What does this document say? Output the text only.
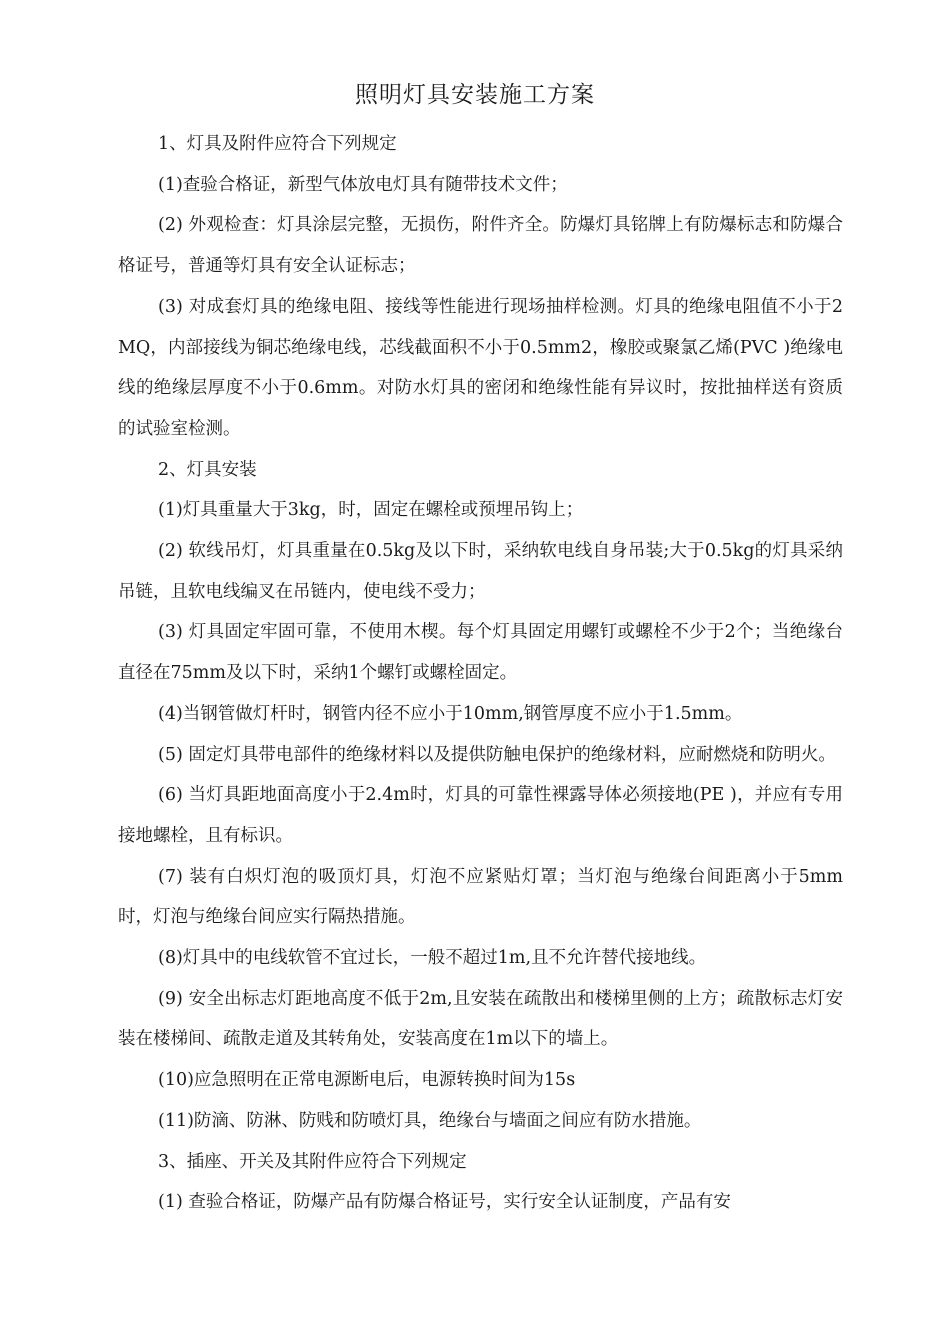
照明灯具安装施工方案

1、灯具及附件应符合下列规定

(1)查验合格证，新型气体放电灯具有随带技术文件；

(2) 外观检查：灯具涂层完整，无损伤，附件齐全。防爆灯具铭牌上有防爆标志和防爆合格证号，普通等灯具有安全认证标志；

(3) 对成套灯具的绝缘电阻、接线等性能进行现场抽样检测。灯具的绝缘电阻值不小于2MQ，内部接线为铜芯绝缘电线，芯线截面积不小于0.5mm2，橡胶或聚氯乙烯(PVC )绝缘电线的绝缘层厚度不小于0.6mm。对防水灯具的密闭和绝缘性能有异议时，按批抽样送有资质的试验室检测。

2、灯具安装

(1)灯具重量大于3kg，时，固定在螺栓或预埋吊钩上；

(2) 软线吊灯，灯具重量在0.5kg及以下时，采纳软电线自身吊装;大于0.5kg的灯具采纳吊链，且软电线编叉在吊链内，使电线不受力；

(3) 灯具固定牢固可靠，不使用木楔。每个灯具固定用螺钉或螺栓不少于2个；当绝缘台直径在75mm及以下时，采纳1个螺钉或螺栓固定。

(4)当钢管做灯杆时，钢管内径不应小于10mm,钢管厚度不应小于1.5mm。

(5) 固定灯具带电部件的绝缘材料以及提供防触电保护的绝缘材料，应耐燃烧和防明火。

(6) 当灯具距地面高度小于2.4m时，灯具的可靠性裸露导体必须接地(PE )，并应有专用接地螺栓，且有标识。

(7) 装有白炽灯泡的吸顶灯具，灯泡不应紧贴灯罩；当灯泡与绝缘台间距离小于5mm时，灯泡与绝缘台间应实行隔热措施。

(8)灯具中的电线软管不宜过长，一般不超过1m,且不允许替代接地线。

(9) 安全出标志灯距地高度不低于2m,且安装在疏散出和楼梯里侧的上方；疏散标志灯安装在楼梯间、疏散走道及其转角处，安装高度在1m以下的墙上。

(10)应急照明在正常电源断电后，电源转换时间为15s

(11)防滴、防淋、防贱和防喷灯具，绝缘台与墙面之间应有防水措施。

3、插座、开关及其附件应符合下列规定

(1) 查验合格证，防爆产品有防爆合格证号，实行安全认证制度，产品有安
